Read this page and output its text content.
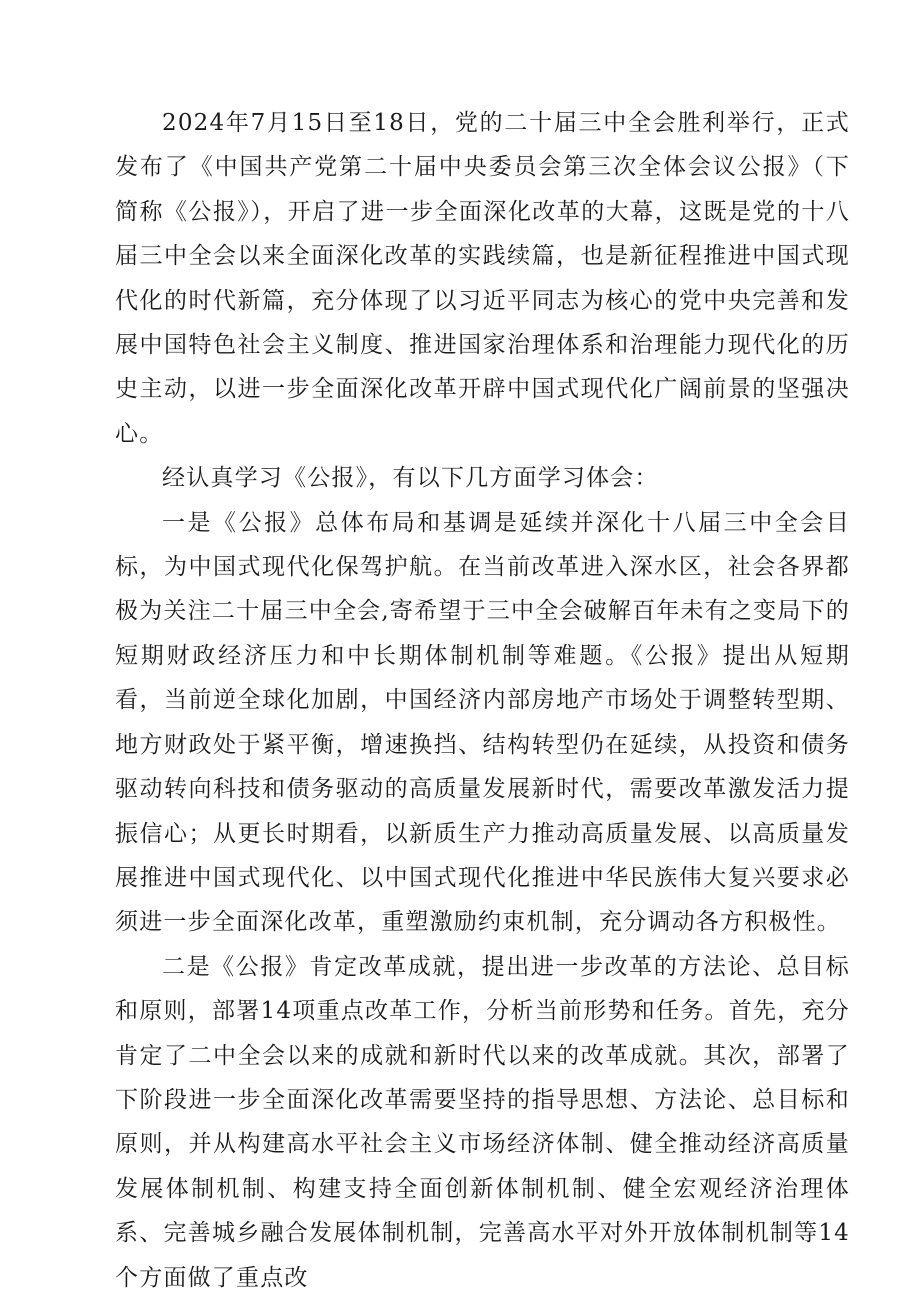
2024年7月15日至18日，党的二十届三中全会胜利举行，正式发布了《中国共产党第二十届中央委员会第三次全体会议公报》（下简称《公报》），开启了进一步全面深化改革的大幕，这既是党的十八届三中全会以来全面深化改革的实践续篇，也是新征程推进中国式现代化的时代新篇，充分体现了以习近平同志为核心的党中央完善和发展中国特色社会主义制度、推进国家治理体系和治理能力现代化的历史主动，以进一步全面深化改革开辟中国式现代化广阔前景的坚强决心。

经认真学习《公报》，有以下几方面学习体会：

一是《公报》总体布局和基调是延续并深化十八届三中全会目标，为中国式现代化保驾护航。在当前改革进入深水区，社会各界都极为关注二十届三中全会,寄希望于三中全会破解百年未有之变局下的短期财政经济压力和中长期体制机制等难题。《公报》提出从短期看，当前逆全球化加剧，中国经济内部房地产市场处于调整转型期、地方财政处于紧平衡，增速换挡、结构转型仍在延续，从投资和债务驱动转向科技和债务驱动的高质量发展新时代，需要改革激发活力提振信心；从更长时期看，以新质生产力推动高质量发展、以高质量发展推进中国式现代化、以中国式现代化推进中华民族伟大复兴要求必须进一步全面深化改革，重塑激励约束机制，充分调动各方积极性。

二是《公报》肯定改革成就，提出进一步改革的方法论、总目标和原则，部署14项重点改革工作，分析当前形势和任务。首先，充分肯定了二中全会以来的成就和新时代以来的改革成就。其次，部署了下阶段进一步全面深化改革需要坚持的指导思想、方法论、总目标和原则，并从构建高水平社会主义市场经济体制、健全推动经济高质量发展体制机制、构建支持全面创新体制机制、健全宏观经济治理体系、完善城乡融合发展体制机制，完善高水平对外开放体制机制等14个方面做了重点改
